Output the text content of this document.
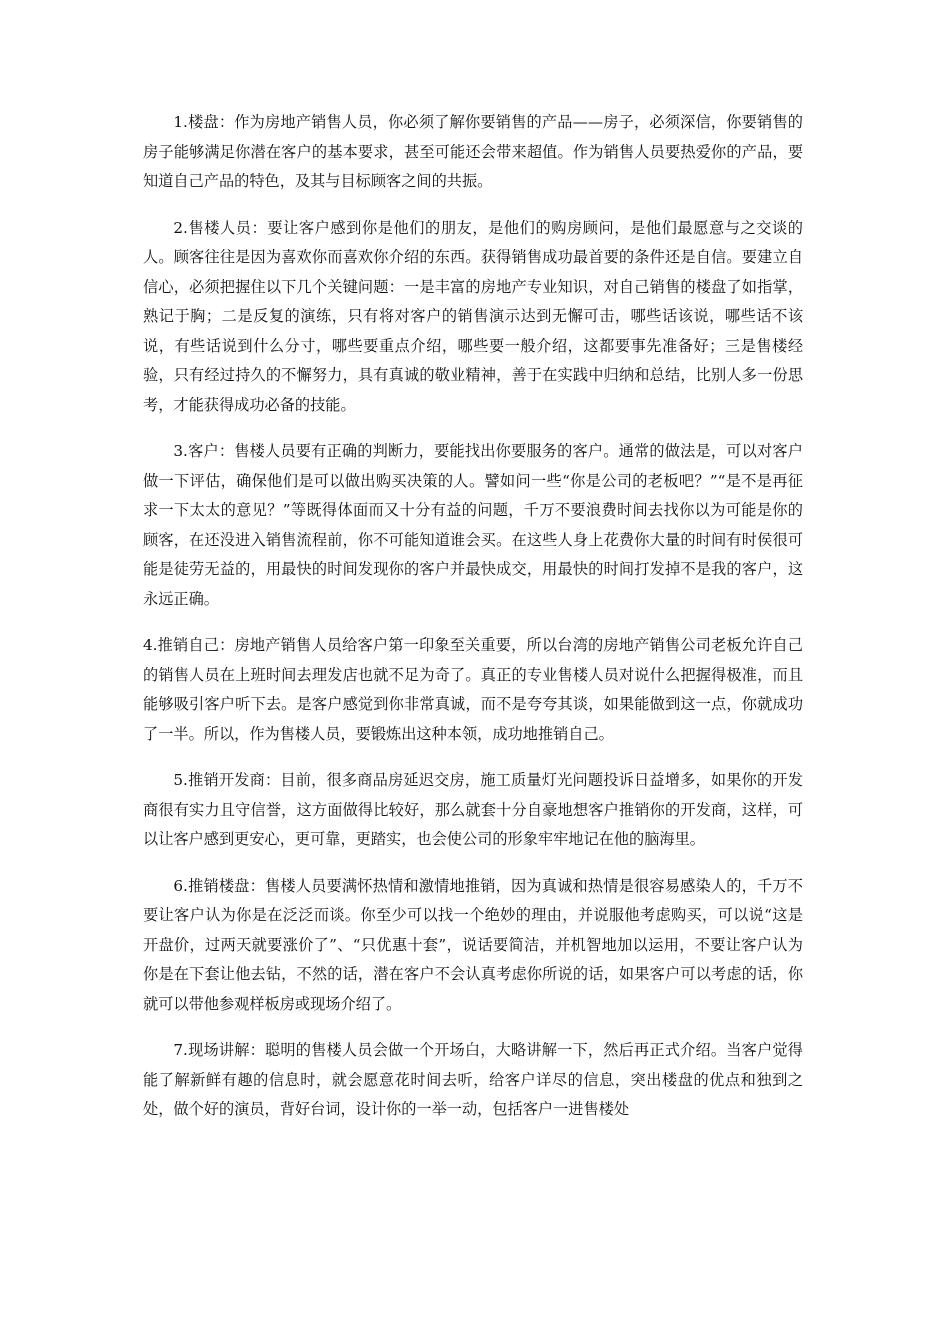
1.楼盘：作为房地产销售人员，你必须了解你要销售的产品——房子，必须深信，你要销售的房子能够满足你潜在客户的基本要求，甚至可能还会带来超值。作为销售人员要热爱你的产品，要知道自己产品的特色，及其与目标顾客之间的共振。

2.售楼人员：要让客户感到你是他们的朋友，是他们的购房顾问，是他们最愿意与之交谈的人。顾客往往是因为喜欢你而喜欢你介绍的东西。获得销售成功最首要的条件还是自信。要建立自信心，必须把握住以下几个关键问题：一是丰富的房地产专业知识，对自己销售的楼盘了如指掌，熟记于胸；二是反复的演练，只有将对客户的销售演示达到无懈可击，哪些话该说，哪些话不该说，有些话说到什么分寸，哪些要重点介绍，哪些要一般介绍，这都要事先准备好；三是售楼经验，只有经过持久的不懈努力，具有真诚的敬业精神，善于在实践中归纳和总结，比别人多一份思考，才能获得成功必备的技能。

3.客户：售楼人员要有正确的判断力，要能找出你要服务的客户。通常的做法是，可以对客户做一下评估，确保他们是可以做出购买决策的人。譬如问一些“你是公司的老板吧？”“是不是再征求一下太太的意见？”等既得体面而又十分有益的问题，千万不要浪费时间去找你以为可能是你的顾客，在还没进入销售流程前，你不可能知道谁会买。在这些人身上花费你大量的时间有时侯很可能是徒劳无益的，用最快的时间发现你的客户并最快成交，用最快的时间打发掉不是我的客户，这永远正确。

4.推销自己：房地产销售人员给客户第一印象至关重要，所以台湾的房地产销售公司老板允许自己的销售人员在上班时间去理发店也就不足为奇了。真正的专业售楼人员对说什么把握得极准，而且能够吸引客户听下去。是客户感觉到你非常真诚，而不是夸夸其谈，如果能做到这一点，你就成功了一半。所以，作为售楼人员，要锻炼出这种本领，成功地推销自己。

5.推销开发商：目前，很多商品房延迟交房，施工质量灯光问题投诉日益增多，如果你的开发商很有实力且守信誉，这方面做得比较好，那么就套十分自豪地想客户推销你的开发商，这样，可以让客户感到更安心，更可靠，更踏实，也会使公司的形象牢牢地记在他的脑海里。

6.推销楼盘：售楼人员要满怀热情和激情地推销，因为真诚和热情是很容易感染人的，千万不要让客户认为你是在泛泛而谈。你至少可以找一个绝妙的理由，并说服他考虑购买，可以说“这是开盘价，过两天就要涨价了”、“只优惠十套”，说话要简洁，并机智地加以运用，不要让客户认为你是在下套让他去钻，不然的话，潜在客户不会认真考虑你所说的话，如果客户可以考虑的话，你就可以带他参观样板房或现场介绍了。

7.现场讲解：聪明的售楼人员会做一个开场白，大略讲解一下，然后再正式介绍。当客户觉得能了解新鲜有趣的信息时，就会愿意花时间去听，给客户详尽的信息，突出楼盘的优点和独到之处，做个好的演员，背好台词，设计你的一举一动，包括客户一进售楼处
